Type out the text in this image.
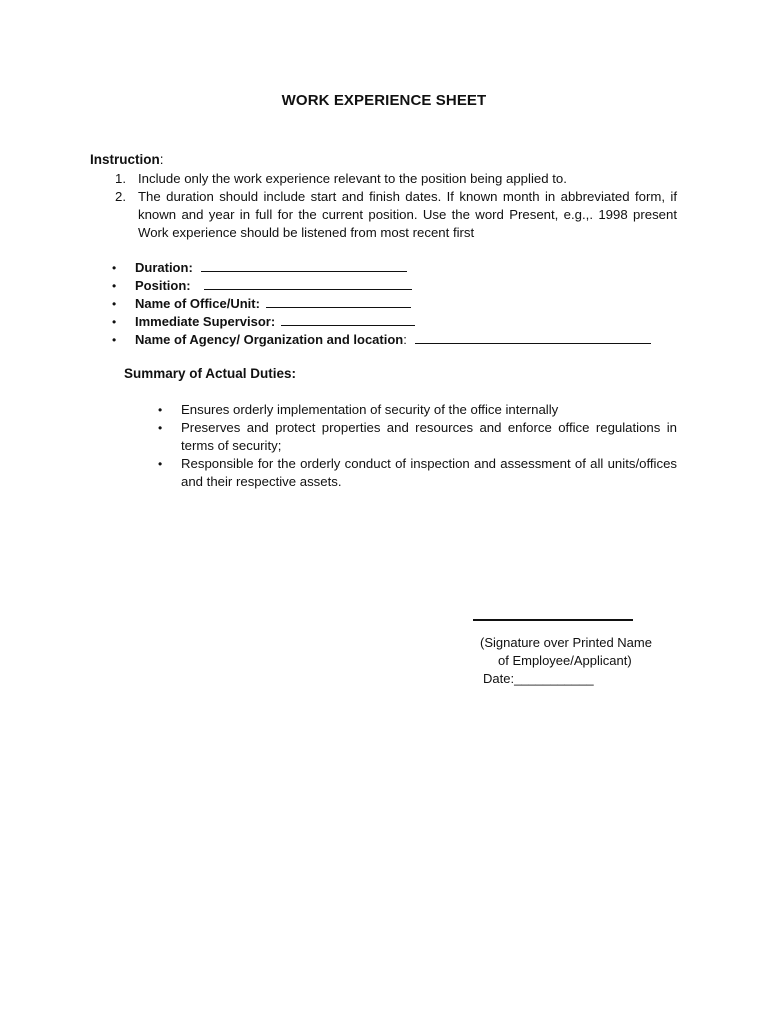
WORK EXPERIENCE SHEET
Instruction:
1. Include only the work experience relevant to the position being applied to.
2. The duration should include start and finish dates. If known month in abbreviated form, if known and year in full for the current position. Use the word Present, e.g.,. 1998 present Work experience should be listened from most recent first
•	Duration:
•	Position:
•	Name of Office/Unit:
•	Immediate Supervisor:
•	Name of Agency/ Organization and location :
Summary of Actual Duties:
•	Ensures orderly implementation of security of the office internally
•	Preserves and protect properties and resources and enforce office regulations in terms of security;
•	Responsible for the orderly conduct of inspection and assessment of all units/offices and their respective assets.
(Signature over Printed Name
of Employee/Applicant)
Date:___________
